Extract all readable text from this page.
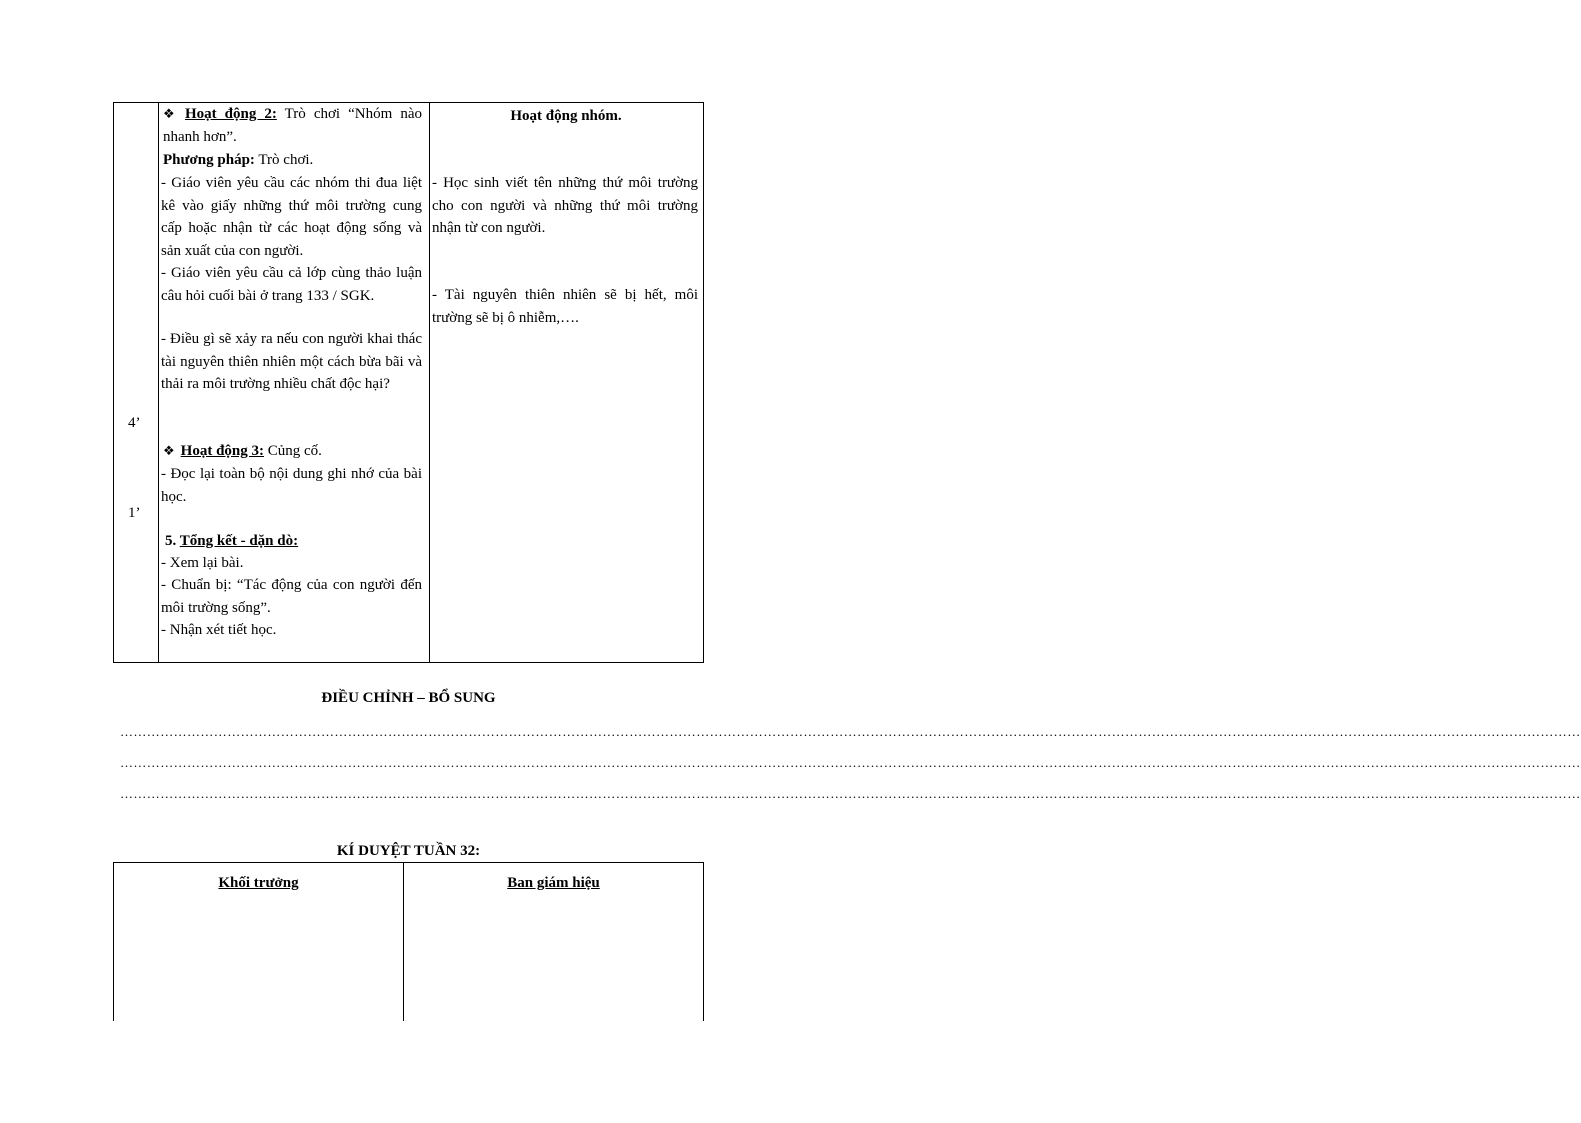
4’
1’
❖ Hoạt động 2: Trò chơi “Nhóm nào nhanh hơn”.
Phương pháp: Trò chơi.
- Giáo viên yêu cầu các nhóm thi đua liệt kê vào giấy những thứ môi trường cung cấp hoặc nhận từ các hoạt động sống và sản xuất của con người.
- Giáo viên yêu cầu cả lớp cùng thảo luận câu hỏi cuối bài ở trang 133 / SGK.
- Điều gì sẽ xảy ra nếu con người khai thác tài nguyên thiên nhiên một cách bừa bãi và thải ra môi trường nhiều chất độc hại?
❖ Hoạt động 3: Củng cố.
- Đọc lại toàn bộ nội dung ghi nhớ của bài học.
5. Tổng kết - dặn dò:
- Xem lại bài.
- Chuẩn bị: “Tác động của con người đến môi trường sống”.
- Nhận xét tiết học.
Hoạt động nhóm.
- Học sinh viết tên những thứ môi trường cho con người và những thứ môi trường nhận từ con người.
- Tài nguyên thiên nhiên sẽ bị hết, môi trường sẽ bị ô nhiễm,….
ĐIỀU CHỈNH – BỔ SUNG
…………………………………………………………………………………………………………………………………………………………………………………………………………………………………………………………………………………………………
…………………………………………………………………………………………………………………………………………………………………………………………………………………………………………………………………………………………………
…………………………………………………………………………………………………………………………………………………………………………………………………………………………………………………………………………………………………
KÍ DUYỆT TUẦN 32:
Khối trưởng	Ban giám hiệu
